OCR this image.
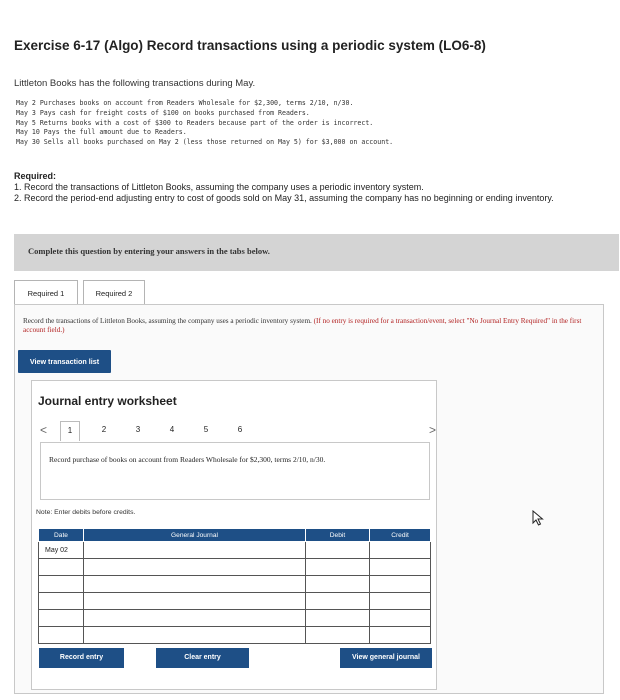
Exercise 6-17 (Algo) Record transactions using a periodic system (LO6-8)
Littleton Books has the following transactions during May.
May 2 Purchases books on account from Readers Wholesale for $2,300, terms 2/10, n/30.
May 3 Pays cash for freight costs of $100 on books purchased from Readers.
May 5 Returns books with a cost of $300 to Readers because part of the order is incorrect.
May 10 Pays the full amount due to Readers.
May 30 Sells all books purchased on May 2 (less those returned on May 5) for $3,000 on account.
Required:
1. Record the transactions of Littleton Books, assuming the company uses a periodic inventory system.
2. Record the period-end adjusting entry to cost of goods sold on May 31, assuming the company has no beginning or ending inventory.
Complete this question by entering your answers in the tabs below.
Required 1	Required 2
Record the transactions of Littleton Books, assuming the company uses a periodic inventory system. (If no entry is required for a transaction/event, select "No Journal Entry Required" in the first account field.)
View transaction list
Journal entry worksheet
<	1	2	3	4	5	6	>
Record purchase of books on account from Readers Wholesale for $2,300, terms 2/10, n/30.
Note: Enter debits before credits.
Date	General Journal	Debit	Credit
May 02			

Record entry	Clear entry	View general journal
